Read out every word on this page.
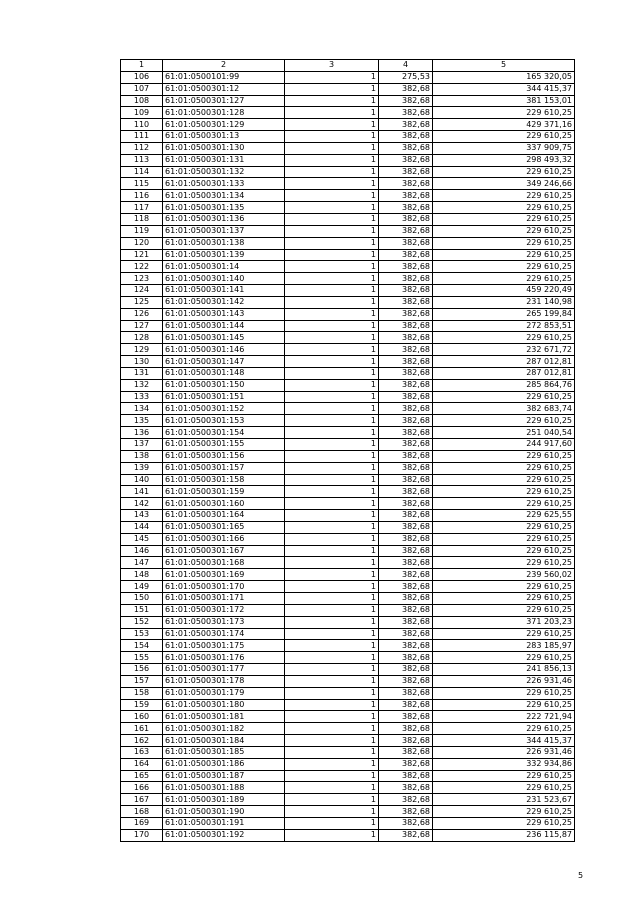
1	2	3	4	5
106	61:01:0500101:99	1	275,53	165 320,05
107	61:01:0500301:12	1	382,68	344 415,37
108	61:01:0500301:127	1	382,68	381 153,01
109	61:01:0500301:128	1	382,68	229 610,25
110	61:01:0500301:129	1	382,68	429 371,16
111	61:01:0500301:13	1	382,68	229 610,25
112	61:01:0500301:130	1	382,68	337 909,75
113	61:01:0500301:131	1	382,68	298 493,32
114	61:01:0500301:132	1	382,68	229 610,25
115	61:01:0500301:133	1	382,68	349 246,66
116	61:01:0500301:134	1	382,68	229 610,25
117	61:01:0500301:135	1	382,68	229 610,25
118	61:01:0500301:136	1	382,68	229 610,25
119	61:01:0500301:137	1	382,68	229 610,25
120	61:01:0500301:138	1	382,68	229 610,25
121	61:01:0500301:139	1	382,68	229 610,25
122	61:01:0500301:14	1	382,68	229 610,25
123	61:01:0500301:140	1	382,68	229 610,25
124	61:01:0500301:141	1	382,68	459 220,49
125	61:01:0500301:142	1	382,68	231 140,98
126	61:01:0500301:143	1	382,68	265 199,84
127	61:01:0500301:144	1	382,68	272 853,51
128	61:01:0500301:145	1	382,68	229 610,25
129	61:01:0500301:146	1	382,68	232 671,72
130	61:01:0500301:147	1	382,68	287 012,81
131	61:01:0500301:148	1	382,68	287 012,81
132	61:01:0500301:150	1	382,68	285 864,76
133	61:01:0500301:151	1	382,68	229 610,25
134	61:01:0500301:152	1	382,68	382 683,74
135	61:01:0500301:153	1	382,68	229 610,25
136	61:01:0500301:154	1	382,68	251 040,54
137	61:01:0500301:155	1	382,68	244 917,60
138	61:01:0500301:156	1	382,68	229 610,25
139	61:01:0500301:157	1	382,68	229 610,25
140	61:01:0500301:158	1	382,68	229 610,25
141	61:01:0500301:159	1	382,68	229 610,25
142	61:01:0500301:160	1	382,68	229 610,25
143	61:01:0500301:164	1	382,68	229 625,55
144	61:01:0500301:165	1	382,68	229 610,25
145	61:01:0500301:166	1	382,68	229 610,25
146	61:01:0500301:167	1	382,68	229 610,25
147	61:01:0500301:168	1	382,68	229 610,25
148	61:01:0500301:169	1	382,68	239 560,02
149	61:01:0500301:170	1	382,68	229 610,25
150	61:01:0500301:171	1	382,68	229 610,25
151	61:01:0500301:172	1	382,68	229 610,25
152	61:01:0500301:173	1	382,68	371 203,23
153	61:01:0500301:174	1	382,68	229 610,25
154	61:01:0500301:175	1	382,68	283 185,97
155	61:01:0500301:176	1	382,68	229 610,25
156	61:01:0500301:177	1	382,68	241 856,13
157	61:01:0500301:178	1	382,68	226 931,46
158	61:01:0500301:179	1	382,68	229 610,25
159	61:01:0500301:180	1	382,68	229 610,25
160	61:01:0500301:181	1	382,68	222 721,94
161	61:01:0500301:182	1	382,68	229 610,25
162	61:01:0500301:184	1	382,68	344 415,37
163	61:01:0500301:185	1	382,68	226 931,46
164	61:01:0500301:186	1	382,68	332 934,86
165	61:01:0500301:187	1	382,68	229 610,25
166	61:01:0500301:188	1	382,68	229 610,25
167	61:01:0500301:189	1	382,68	231 523,67
168	61:01:0500301:190	1	382,68	229 610,25
169	61:01:0500301:191	1	382,68	229 610,25
170	61:01:0500301:192	1	382,68	236 115,87
5
